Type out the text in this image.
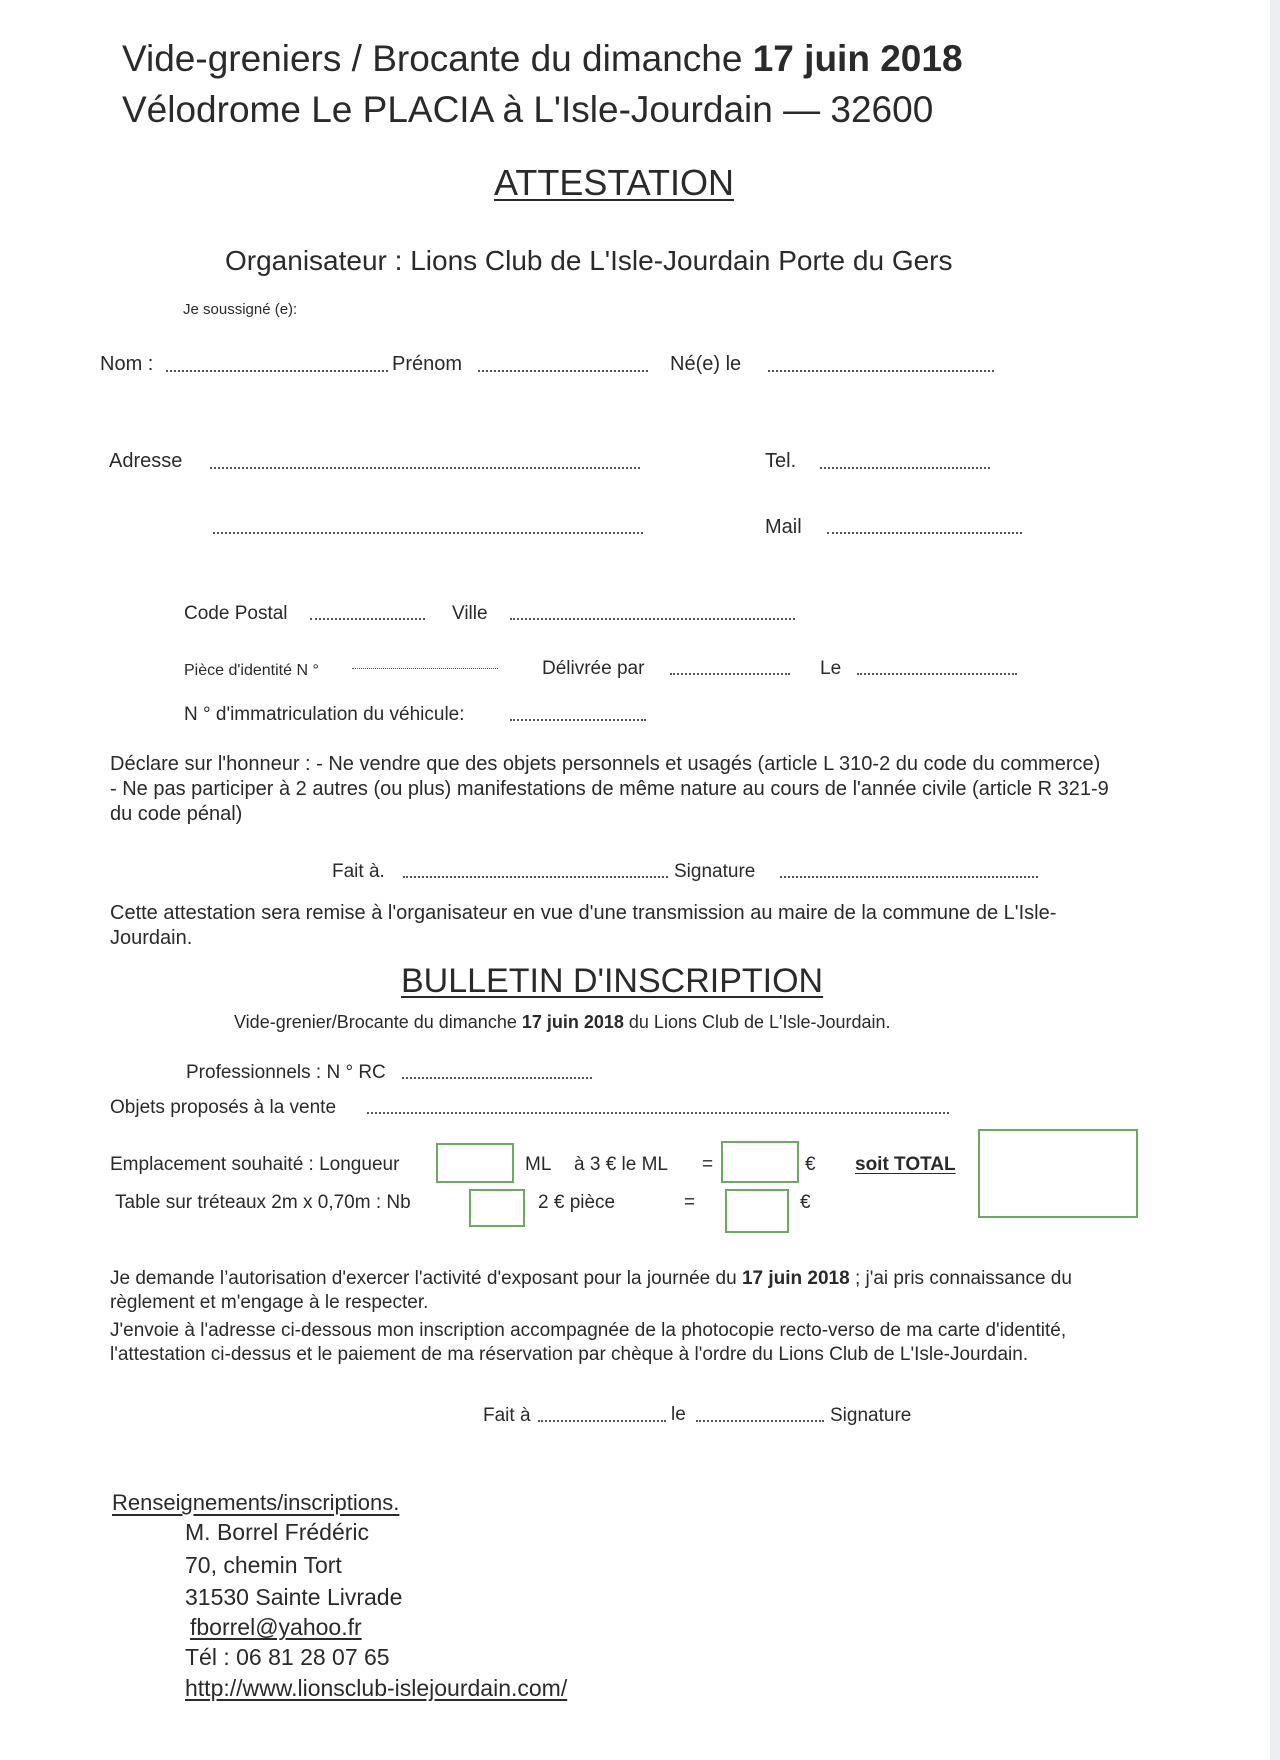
Vide-greniers / Brocante du dimanche 17 juin 2018
Vélodrome Le PLACIA à L'Isle-Jourdain — 32600
ATTESTATION
Organisateur : Lions Club de L'Isle-Jourdain Porte du Gers
Je soussigné (e):
Nom :	Prénom	Né(e) le
Adresse	Tel.
Mail
Code Postal	Ville
Pièce d'identité N °	Délivrée par	Le
N ° d'immatriculation du véhicule:
Déclare sur l'honneur : - Ne vendre que des objets personnels et usagés (article L 310-2 du code du commerce) - Ne pas participer à 2 autres (ou plus) manifestations de même nature au cours de l'année civile (article R 321-9 du code pénal)
Fait à.	Signature
Cette attestation sera remise à l'organisateur en vue d'une transmission au maire de la commune de L'Isle-Jourdain.
BULLETIN D'INSCRIPTION
Vide-grenier/Brocante du dimanche 17 juin 2018 du Lions Club de L'Isle-Jourdain.
Professionnels : N ° RC
Objets proposés à la vente
Emplacement souhaité : Longueur	ML à 3 € le ML =	€ soit TOTAL
Table sur tréteaux 2m x 0,70m : Nb	2 € pièce	=	€
Je demande l’autorisation d'exercer l'activité d'exposant pour la journée du 17 juin 2018 ; j'ai pris connaissance du règlement et m'engage à le respecter.
J'envoie à l'adresse ci-dessous mon inscription accompagnée de la photocopie recto-verso de ma carte d'identité, l'attestation ci-dessus et le paiement de ma réservation par chèque à l'ordre du Lions Club de L'Isle-Jourdain.
Fait à	le	Signature
Renseignements/inscriptions.
M. Borrel Frédéric
70, chemin Tort
31530 Sainte Livrade
fborrel@yahoo.fr
Tél : 06 81 28 07 65
http://www.lionsclub-islejourdain.com/
